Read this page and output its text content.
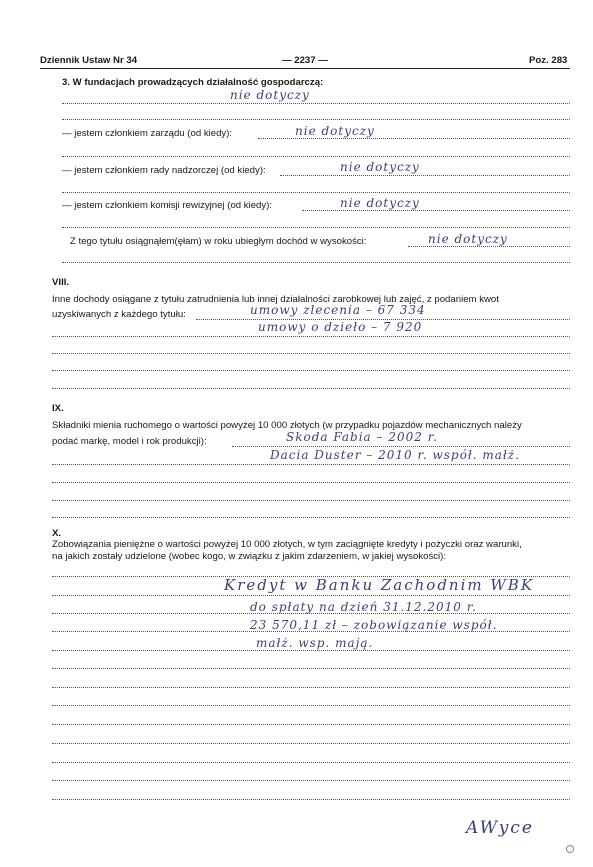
Dziennik Ustaw Nr 34	— 2237 —	Poz. 283
3. W fundacjach prowadzących działalność gospodarczą:
nie dotyczy
— jestem członkiem zarządu (od kiedy):	nie dotyczy
— jestem członkiem rady nadzorczej (od kiedy):	nie dotyczy
— jestem członkiem komisji rewizyjnej (od kiedy):	nie dotyczy
Z tego tytułu osiągnąłem(ęłam) w roku ubiegłym dochód w wysokości:	nie dotyczy
VIII.
Inne dochody osiągane z tytułu zatrudnienia lub innej działalności zarobkowej lub zajęć, z podaniem kwot
uzyskiwanych z każdego tytułu:	umowy zlecenia – 67 334
umowy o dzieło – 7 920
IX.
Składniki mienia ruchomego o wartości powyżej 10 000 złotych (w przypadku pojazdów mechanicznych należy
podać markę, model i rok produkcji):	Skoda Fabia – 2002 r.
Dacia Duster – 2010 r. współ. małż.
X.
Zobowiązania pieniężne o wartości powyżej 10 000 złotych, w tym zaciągnięte kredyty i pożyczki oraz warunki,
na jakich zostały udzielone (wobec kogo, w związku z jakim zdarzeniem, w jakiej wysokości):
Kredyt w Banku Zachodnim WBK
do spłaty na dzień 31.12.2010 r.
23 570,11 zł – zobowiązanie współ.
małż. wsp. mają.
AWyce
